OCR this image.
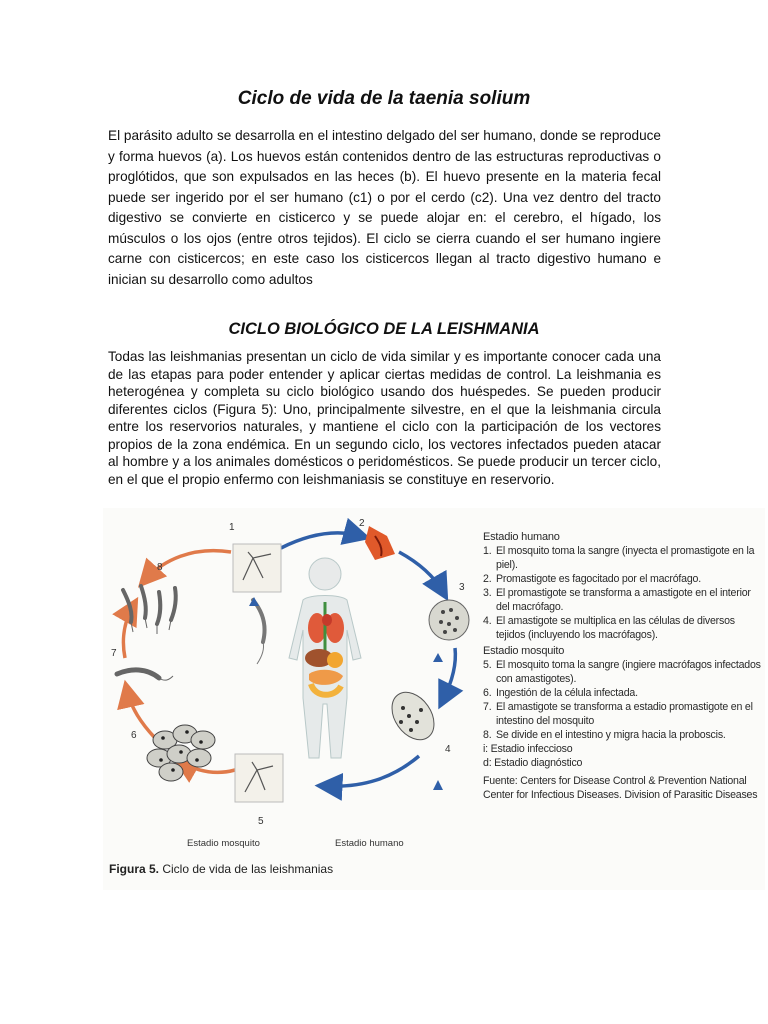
Ciclo de vida de la taenia solium

El parásito adulto se desarrolla en el intestino delgado del ser humano, donde se reproduce y forma huevos (a). Los huevos están contenidos dentro de las estructuras reproductivas o proglótidos, que son expulsados en las heces (b). El huevo presente en la materia fecal puede ser ingerido por el ser humano (c1) o por el cerdo (c2). Una vez dentro del tracto digestivo se convierte en cisticerco y se puede alojar en: el cerebro, el hígado, los músculos o los ojos (entre otros tejidos). El ciclo se cierra cuando el ser humano ingiere carne con cisticercos; en este caso los cisticercos llegan al tracto digestivo humano e inician su desarrollo como adultos

CICLO BIOLÓGICO DE LA LEISHMANIA

Todas las leishmanias presentan un ciclo de vida similar y es importante conocer cada una de las etapas para poder entender y aplicar ciertas medidas de control. La leishmania es heterogénea y completa su ciclo biológico usando dos huéspedes. Se pueden producir diferentes ciclos (Figura 5): Uno, principalmente silvestre, en el que la leishmania circula entre los reservorios naturales, y mantiene el ciclo con la participación de los vectores propios de la zona endémica. En un segundo ciclo, los vectores infectados pueden atacar al hombre y a los animales domésticos o peridomésticos. Se puede producir un tercer ciclo, en el que el propio enfermo con leishmaniasis se constituye en reservorio.

1	2
3
4
5
6
7
8
Estadio mosquito	Estadio humano
Estadio humano
1. El mosquito toma la sangre (inyecta el promastigote en la piel).
2. Promastigote es fagocitado por el macrófago.
3. El promastigote se transforma a amastigote en el interior del macrófago.
4. El amastigote se multiplica en las células de diversos tejidos (incluyendo los macrófagos).
Estadio mosquito
5. El mosquito toma la sangre (ingiere macrófagos infectados con amastigotes).
6. Ingestión de la célula infectada.
7. El amastigote se transforma a estadio promastigote en el intestino del mosquito
8. Se divide en el intestino y migra hacia la proboscis.
i: Estadio infeccioso
d: Estadio diagnóstico
Fuente: Centers for Disease Control & Prevention National Center for Infectious Diseases. Division of Parasitic Diseases
Figura 5. Ciclo de vida de las leishmanias
